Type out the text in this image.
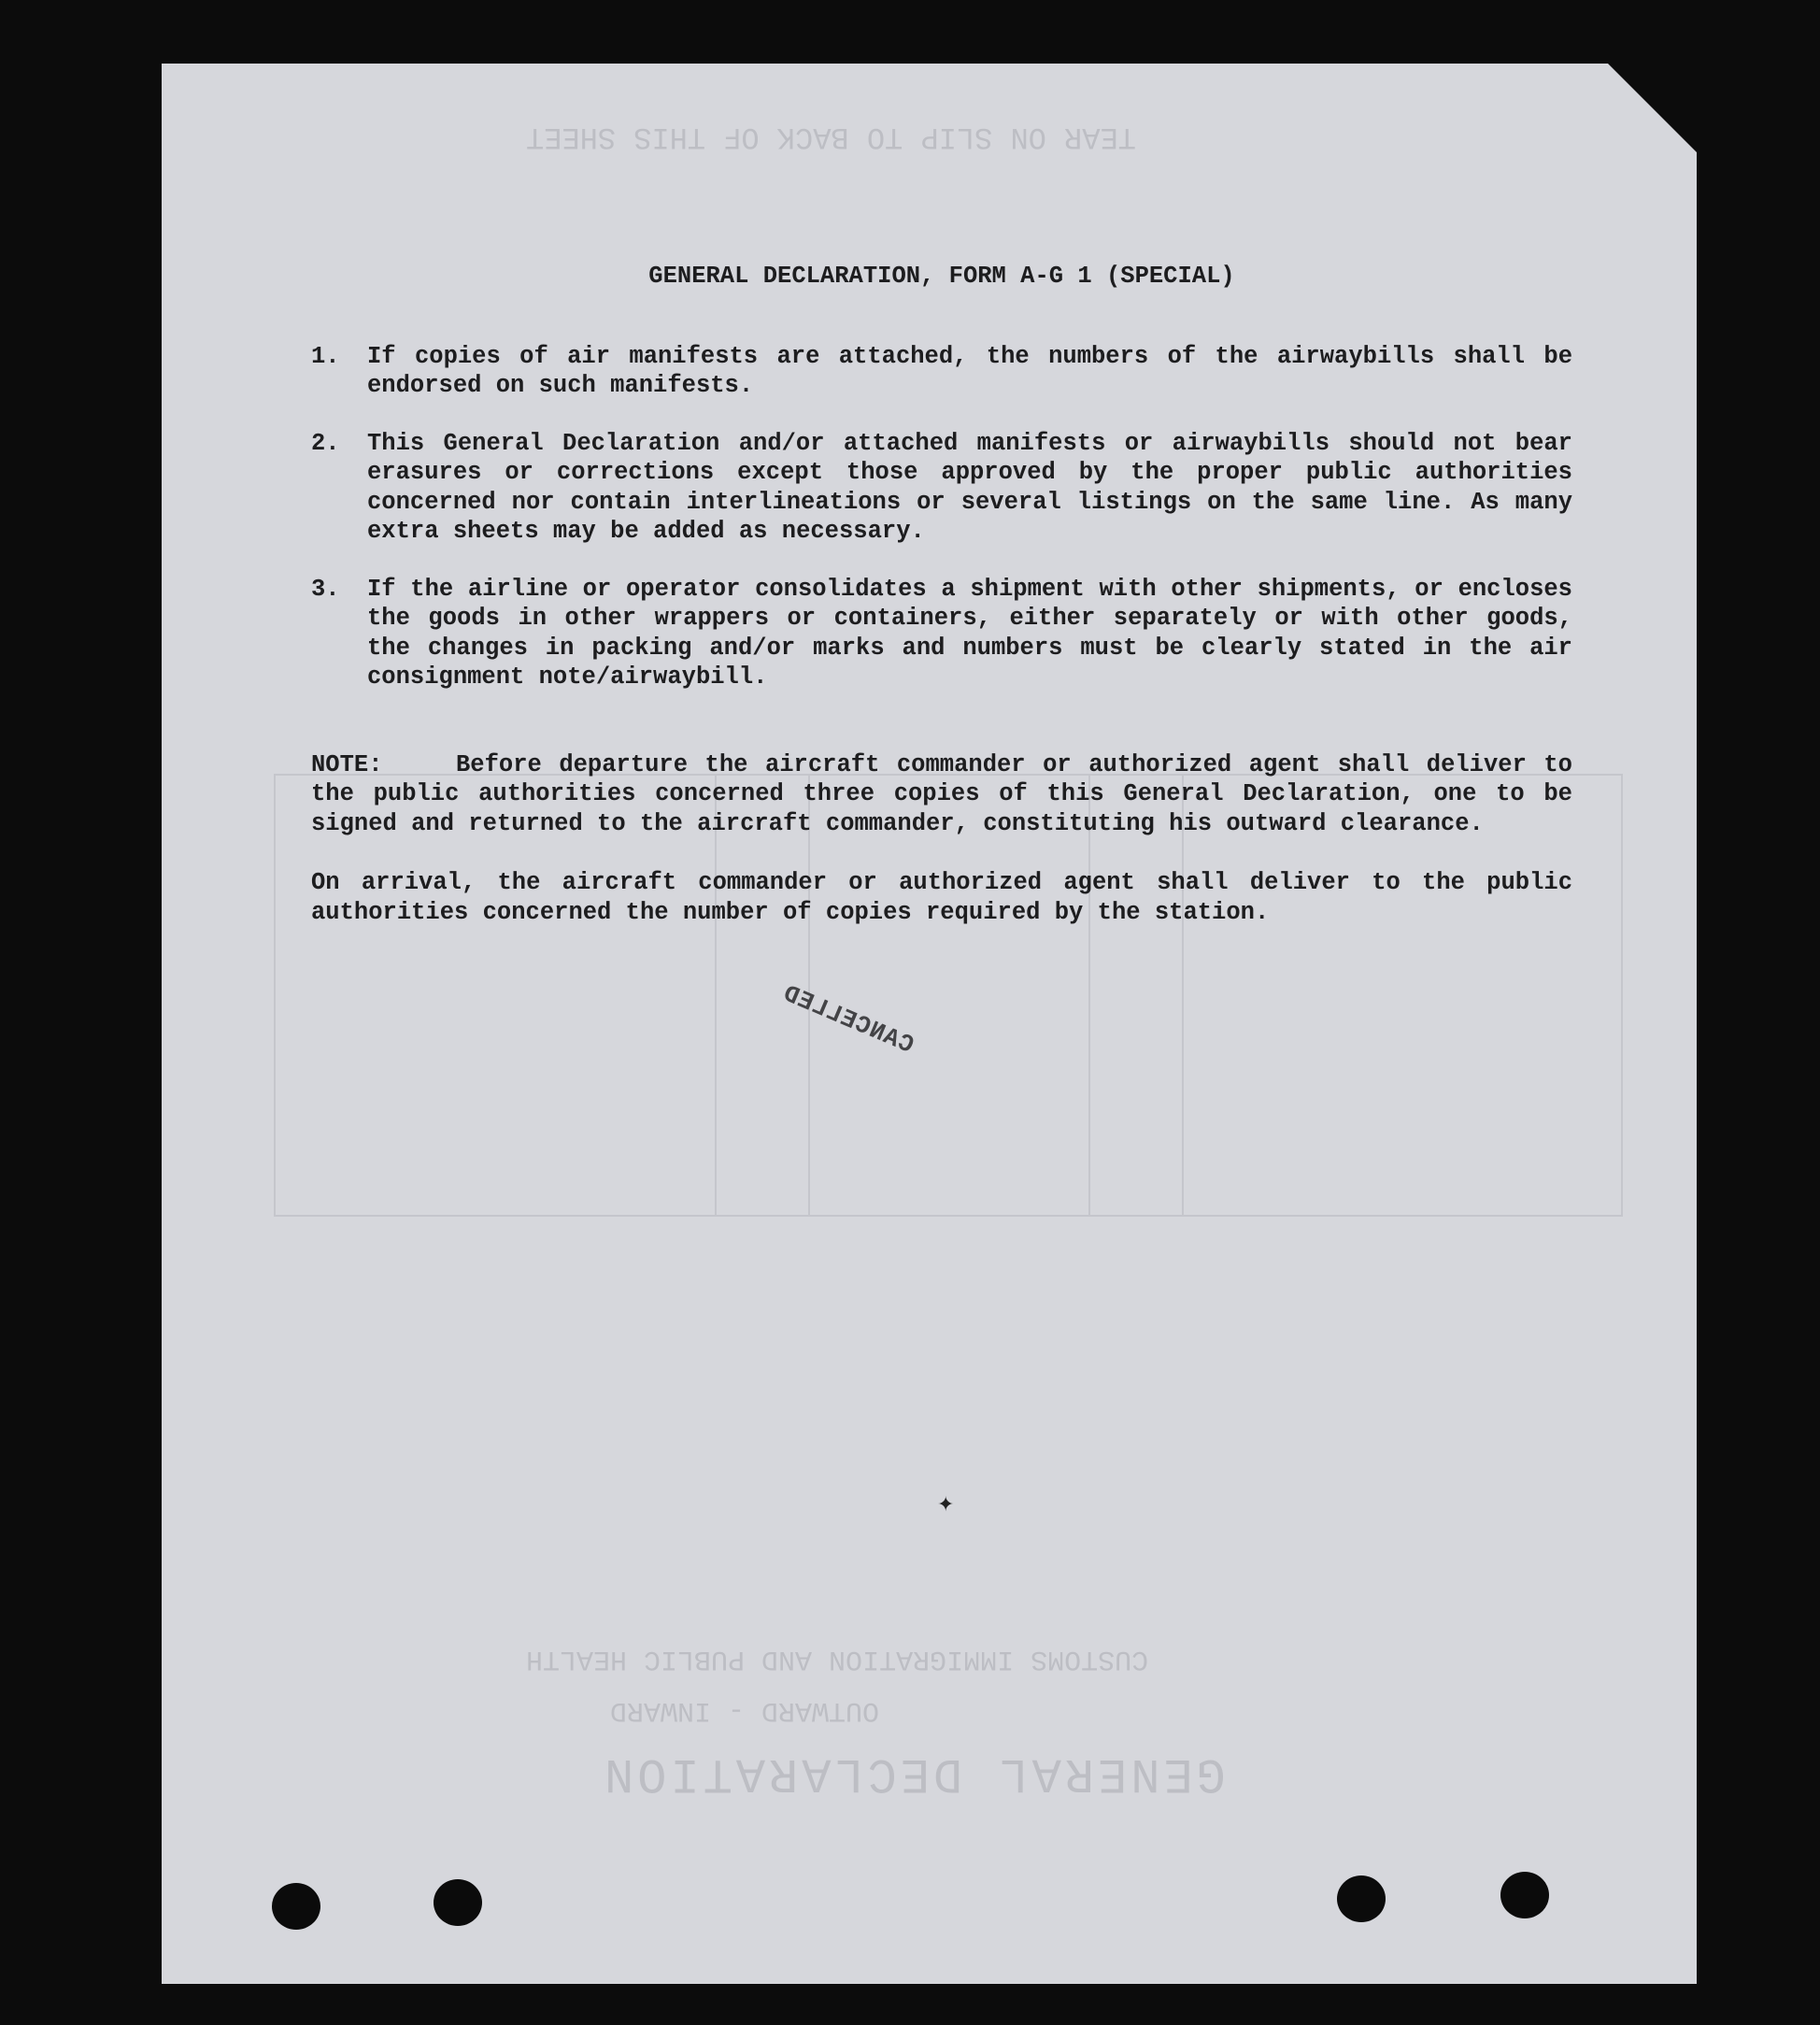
TEAR ON SLIP TO BACK OF THIS SHEET
CUSTOMS IMMIGRATION AND PUBLIC HEALTH
OUTWARD - INWARD
GENERAL DECLARATION
GENERAL DECLARATION, FORM A-G 1 (SPECIAL)
1.	If copies of air manifests are attached, the numbers of the airwaybills shall be endorsed on such manifests.
2.	This General Declaration and/or attached manifests or airwaybills should not bear erasures or corrections except those approved by the proper public authorities concerned nor contain interlineations or several listings on the same line. As many extra sheets may be added as necessary.
3.	If the airline or operator consolidates a shipment with other shipments, or encloses the goods in other wrappers or containers, either separately or with other goods, the changes in packing and/or marks and numbers must be clearly stated in the air consignment note/airwaybill.

NOTE:	Before departure the aircraft commander or authorized agent shall deliver to the public authorities concerned three copies of this General Declaration, one to be signed and returned to the aircraft commander, constituting his outward clearance.

On arrival, the aircraft commander or authorized agent shall deliver to the public authorities concerned the number of copies required by the station.

CANCELLED
✦
